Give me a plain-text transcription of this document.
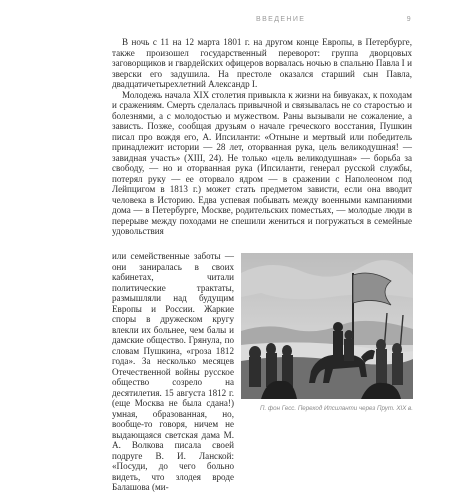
ВВЕДЕНИЕ	9

В ночь с 11 на 12 марта 1801 г. на другом конце Европы, в Петербурге, также произошел государственный переворот: группа дворцовых заговорщиков и гвардейских офицеров ворвалась ночью в спальню Павла I и зверски его задушила. На престоле оказался старший сын Павла, двадцатичетырехлетний Александр I.

Молодежь начала XIX столетия привыкла к жизни на бивуаках, к походам и сражениям. Смерть сделалась привычной и связывалась не со старостью и болезнями, а с молодостью и мужеством. Раны вызывали не сожаление, а зависть. Позже, сообщая друзьям о начале греческого восстания, Пушкин писал про вождя его, А. Ипсиланти: «Отныне и мертвый или победитель принадлежит истории — 28 лет, оторванная рука, цель великодушная! — завидная участь» (XIII, 24). Не только «цель великодушная» — борьба за свободу, — но и оторванная рука (Ипсиланти, генерал русской службы, потерял руку — ее оторвало ядром — в сражении с Наполеоном под Лейпцигом в 1813 г.) может стать предметом зависти, если она вводит человека в Историю. Едва успевая побывать между военными кампаниями дома — в Петербурге, Москве, родительских поместьях, — молодые люди в перерыве между походами не спешили жениться и погружаться в семейные удовольствия

или семейственные заботы — они заниралась в своих кабинетах, читали политические трактаты, размышляли над будущим Европы и России. Жаркие споры в дружеском кругу влекли их больнее, чем балы и дамские общество. Грянула, по словам Пушкина, «гроза 1812 года». За несколько месяцев Отечественной войны русское общество созрело на десятилетия. 15 августа 1812 г. (еще Москва не была сдана!) умная, образованная, но, вообще-то говоря, ничем не выдающаяся светская дама М. А. Волкова писала своей подруге В. И. Ланской: «Посуди, до чего больно видеть, что злодея вроде Балашова (ми-

П. фон Гесс. Переход Ипсиланти через Прут. XIX в.
